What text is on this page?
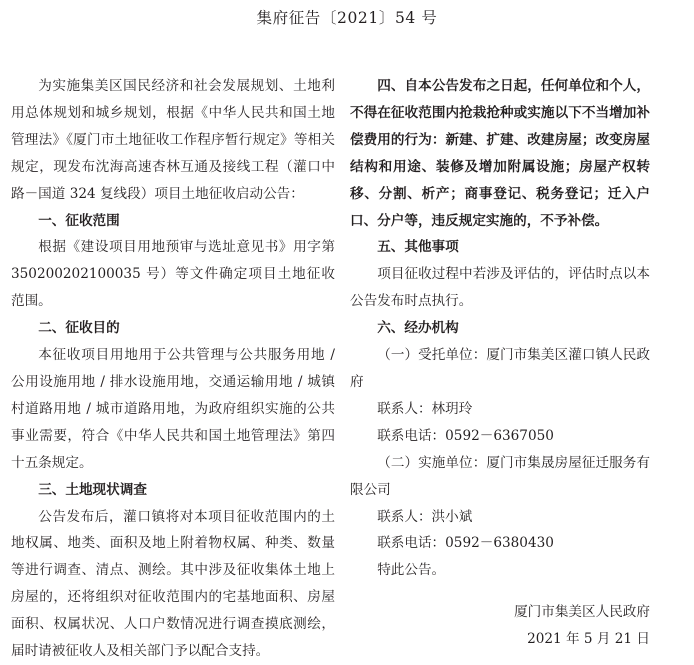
集府征告〔2021〕54 号

为实施集美区国民经济和社会发展规划、土地利用总体规划和城乡规划，根据《中华人民共和国土地管理法》《厦门市土地征收工作程序暂行规定》等相关规定，现发布沈海高速杏林互通及接线工程（灌口中路－国道 324 复线段）项目土地征收启动公告：

一、征收范围

根据《建设项目用地预审与选址意见书》用字第 350200202100035 号）等文件确定项目土地征收范围。

二、征收目的

本征收项目用地用于公共管理与公共服务用地 / 公用设施用地 / 排水设施用地，交通运输用地 / 城镇村道路用地 / 城市道路用地，为政府组织实施的公共事业需要，符合《中华人民共和国土地管理法》第四十五条规定。

三、土地现状调查

公告发布后，灌口镇将对本项目征收范围内的土地权属、地类、面积及地上附着物权属、种类、数量等进行调查、清点、测绘。其中涉及征收集体土地上房屋的，还将组织对征收范围内的宅基地面积、房屋面积、权属状况、人口户数情况进行调查摸底测绘，届时请被征收人及相关部门予以配合支持。

四、自本公告发布之日起，任何单位和个人，不得在征收范围内抢栽抢种或实施以下不当增加补偿费用的行为：新建、扩建、改建房屋；改变房屋结构和用途、装修及增加附属设施；房屋产权转移、分割、析产；商事登记、税务登记；迁入户口、分户等，违反规定实施的，不予补偿。

五、其他事项

项目征收过程中若涉及评估的，评估时点以本公告发布时点执行。

六、经办机构

（一）受托单位：厦门市集美区灌口镇人民政府

联系人：林玥玲

联系电话：0592－6367050

（二）实施单位：厦门市集晟房屋征迁服务有限公司

联系人：洪小斌

联系电话：0592－6380430

特此公告。

厦门市集美区人民政府

2021 年 5 月 21 日
